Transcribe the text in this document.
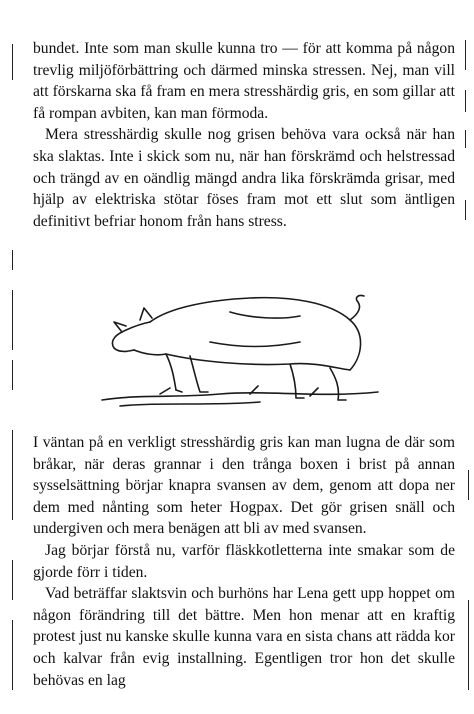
bundet. Inte som man skulle kunna tro — för att komma på någon trevlig miljöförbättring och därmed minska stressen. Nej, man vill att förskarna ska få fram en mera stresshärdig gris, en som gillar att få rompan avbiten, kan man förmoda.

Mera stresshärdig skulle nog grisen behöva vara också när han ska slaktas. Inte i skick som nu, när han förskrämd och helstressad och trängd av en oändlig mängd andra lika förskrämda grisar, med hjälp av elektriska stötar föses fram mot ett slut som äntligen definitivt befriar honom från hans stress.

I väntan på en verkligt stresshärdig gris kan man lugna de där som bråkar, när deras grannar i den trånga boxen i brist på annan sysselsättning börjar knapra svansen av dem, genom att dopa ner dem med nånting som heter Hogpax. Det gör grisen snäll och undergiven och mera benägen att bli av med svansen.

Jag börjar förstå nu, varför fläskkotletterna inte smakar som de gjorde förr i tiden.

Vad beträffar slaktsvin och burhöns har Lena gett upp hoppet om någon förändring till det bättre. Men hon menar att en kraftig protest just nu kanske skulle kunna vara en sista chans att rädda kor och kalvar från evig installning. Egentligen tror hon det skulle behövas en lag
